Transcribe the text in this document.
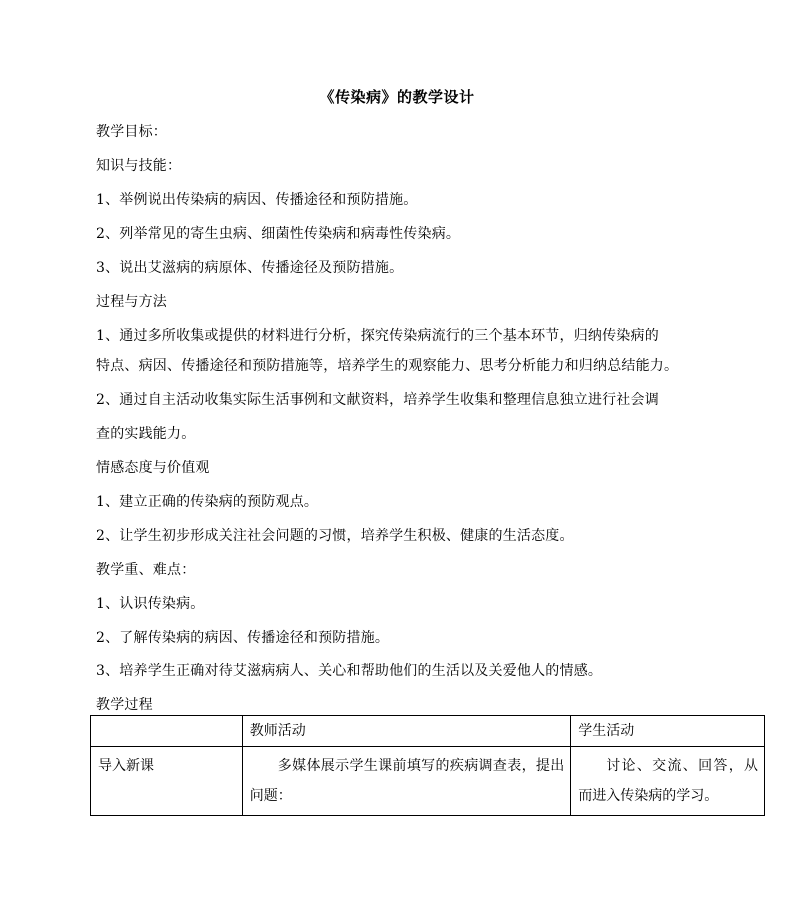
《传染病》的教学设计
教学目标：
知识与技能：
1、举例说出传染病的病因、传播途径和预防措施。
2、列举常见的寄生虫病、细菌性传染病和病毒性传染病。
3、说出艾滋病的病原体、传播途径及预防措施。
过程与方法
1、通过多所收集或提供的材料进行分析，探究传染病流行的三个基本环节，归纳传染病的
特点、病因、传播途径和预防措施等，培养学生的观察能力、思考分析能力和归纳总结能力。
2、通过自主活动收集实际生活事例和文献资料，培养学生收集和整理信息独立进行社会调
查的实践能力。
情感态度与价值观
1、建立正确的传染病的预防观点。
2、让学生初步形成关注社会问题的习惯，培养学生积极、健康的生活态度。
教学重、难点：
1、认识传染病。
2、了解传染病的病因、传播途径和预防措施。
3、培养学生正确对待艾滋病病人、关心和帮助他们的生活以及关爱他人的情感。
教学过程
	教师活动	学生活动

导入新课	多媒体展示学生课前填写的疾病调查表，提出问题：	讨论、交流、回答，从而进入传染病的学习。
